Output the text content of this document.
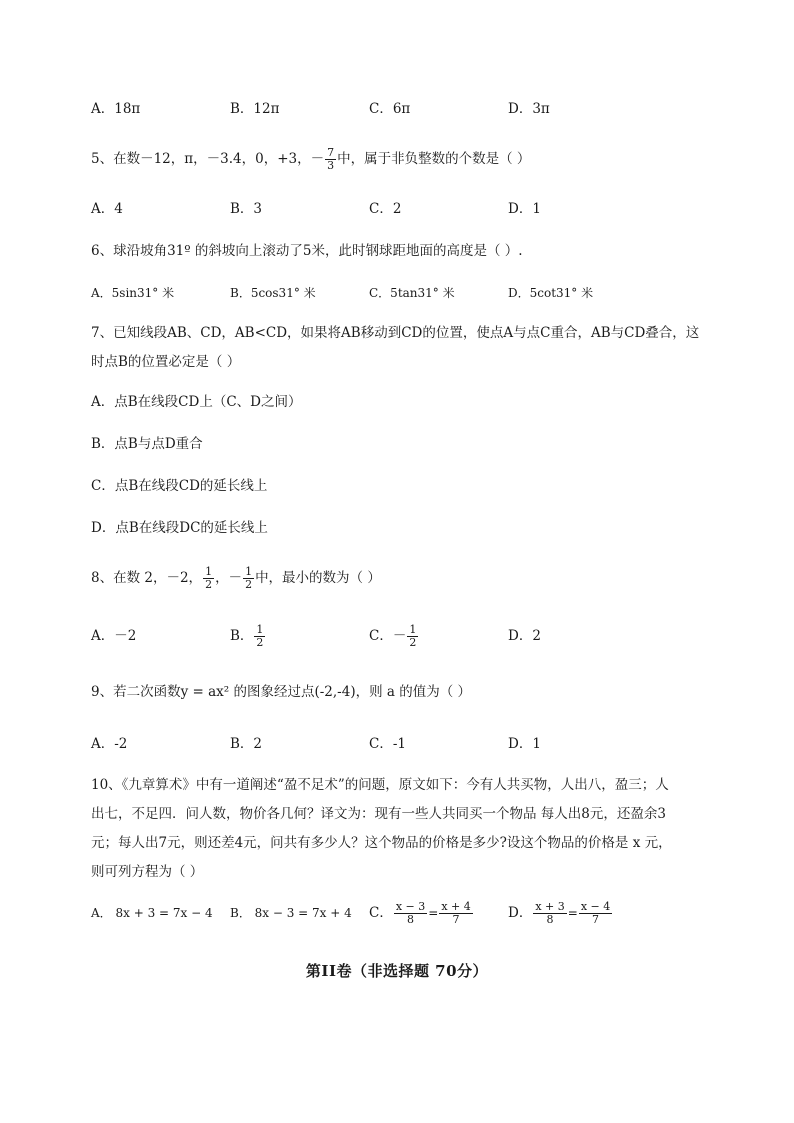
A．18π	B．12π	C．6π	D．3π
5、在数－12，π，－3.4，0，+3，－ $\frac{7}{3}$ 中，属于非负整数的个数是（ ）
A．4	B．3	C．2	D．1
6、球沿坡角31º 的斜坡向上滚动了5米，此时钢球距地面的高度是（ ）.
A．5sin31° 米	B．5cos31° 米	C．5tan31° 米	D．5cot31° 米
7、已知线段AB、CD，AB<CD，如果将AB移动到CD的位置，使点A与点C重合，AB与CD叠合，这
时点B的位置必定是（ ）
A．点B在线段CD上（C、D之间）
B．点B与点D重合
C．点B在线段CD的延长线上
D．点B在线段DC的延长线上
8、在数 2，－2， $\frac{1}{2}$ ，－ $\frac{1}{2}$ 中，最小的数为（ ）
A．－2	B． $\frac{1}{2}$	C．－ $\frac{1}{2}$	D．2
9、若二次函数y = ax² 的图象经过点(-2,-4)，则 a 的值为（ ）
A．-2	B．2	C．-1	D．1
10、《九章算术》中有一道阐述“盈不足术”的问题，原文如下：今有人共买物，人出八，盈三；人
出七，不足四．问人数，物价各几何？译文为：现有一些人共同买一个物品 每人出8元，还盈余3
元；每人出7元，则还差4元，问共有多少人？这个物品的价格是多少?设这个物品的价格是 x 元，
则可列方程为（ ）
A． 8x + 3 = 7x − 4 B． 8x − 3 = 7x + 4 C． $\frac{x - 3}{8} = \frac{x + 4}{7}$	D． $\frac{x + 3}{8} = \frac{x - 4}{7}$
第II卷（非选择题 70分）
